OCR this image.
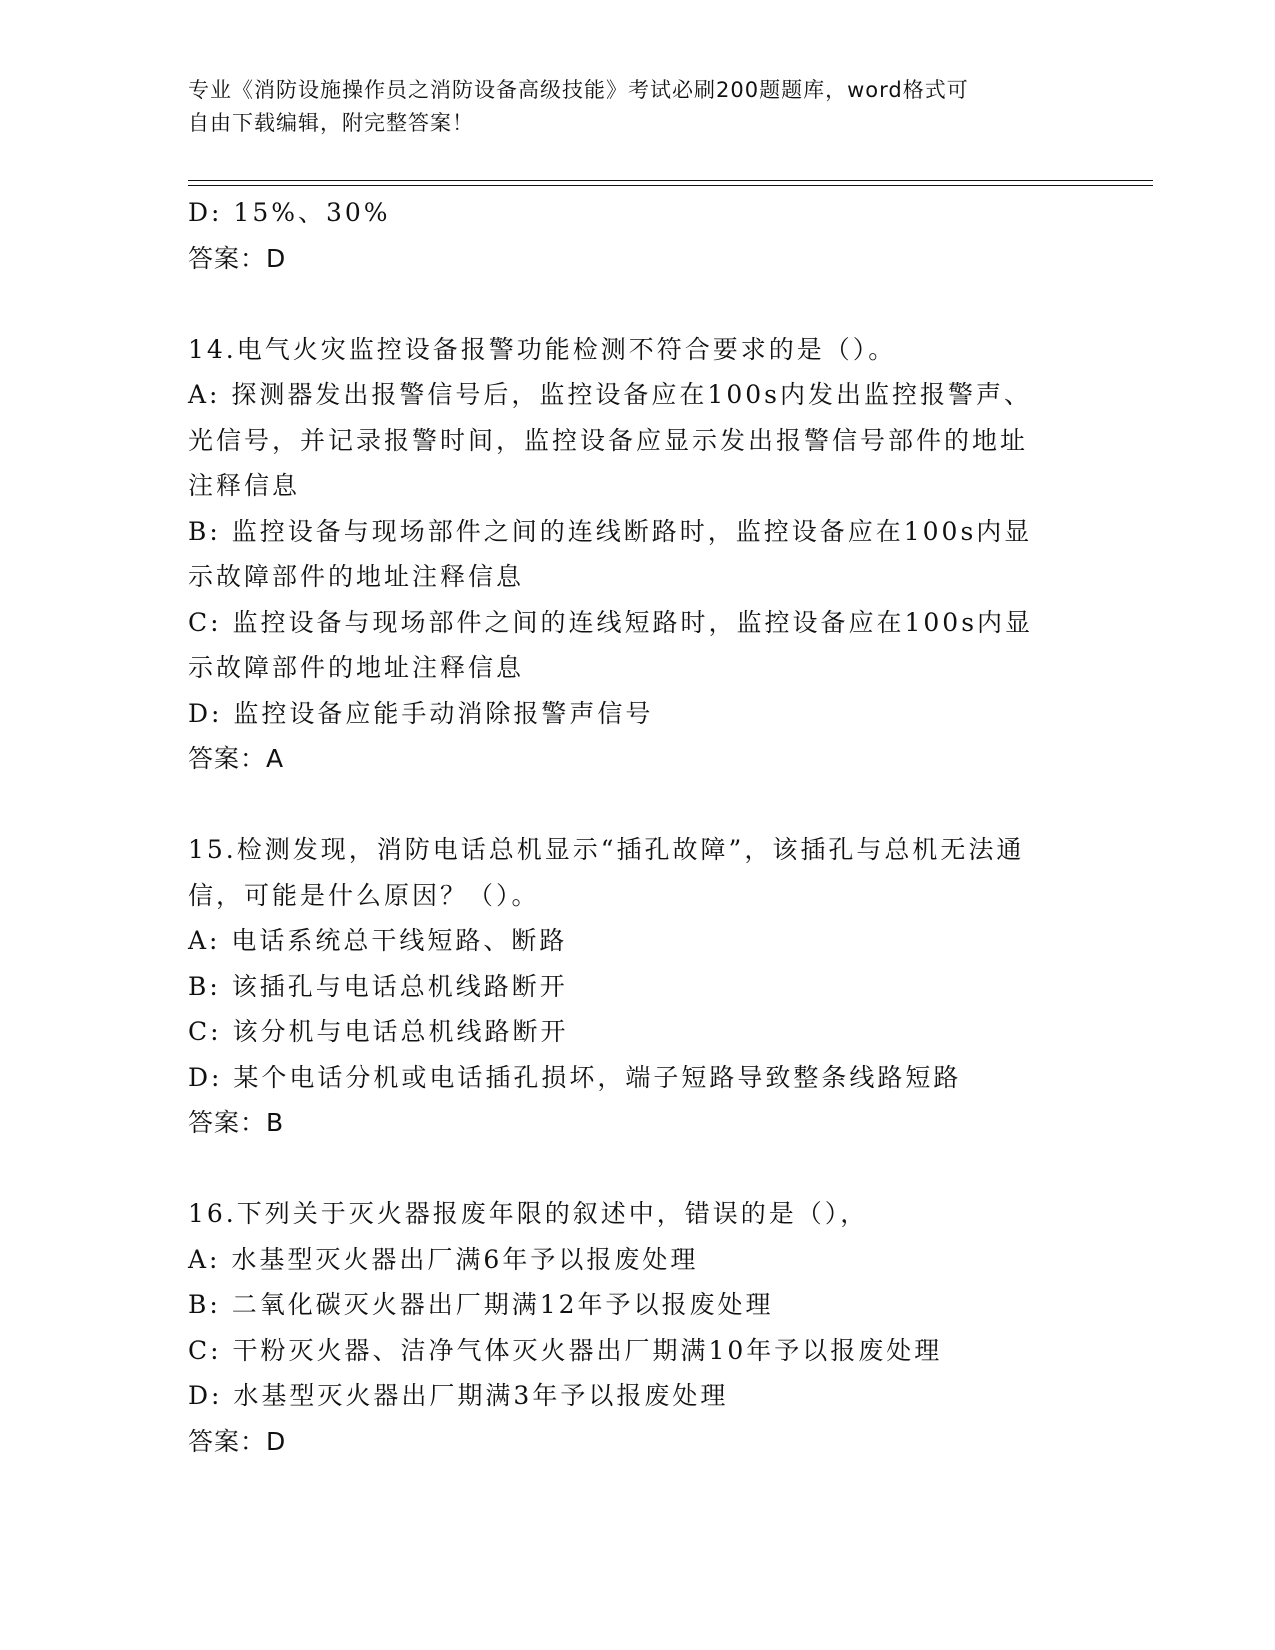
专业《消防设施操作员之消防设备高级技能》考试必刷200题题库，word格式可
自由下载编辑，附完整答案！
D: 15%、30%
答案：D
14.电气火灾监控设备报警功能检测不符合要求的是（）。
A: 探测器发出报警信号后，监控设备应在100s内发出监控报警声、
光信号，并记录报警时间，监控设备应显示发出报警信号部件的地址
注释信息
B: 监控设备与现场部件之间的连线断路时，监控设备应在100s内显
示故障部件的地址注释信息
C: 监控设备与现场部件之间的连线短路时，监控设备应在100s内显
示故障部件的地址注释信息
D: 监控设备应能手动消除报警声信号
答案：A
15.检测发现，消防电话总机显示“插孔故障”，该插孔与总机无法通
信，可能是什么原因？（）。
A: 电话系统总干线短路、断路
B: 该插孔与电话总机线路断开
C: 该分机与电话总机线路断开
D: 某个电话分机或电话插孔损坏，端子短路导致整条线路短路
答案：B
16.下列关于灭火器报废年限的叙述中，错误的是（），
A: 水基型灭火器出厂满6年予以报废处理
B: 二氧化碳灭火器出厂期满12年予以报废处理
C: 干粉灭火器、洁净气体灭火器出厂期满10年予以报废处理
D: 水基型灭火器出厂期满3年予以报废处理
答案：D
